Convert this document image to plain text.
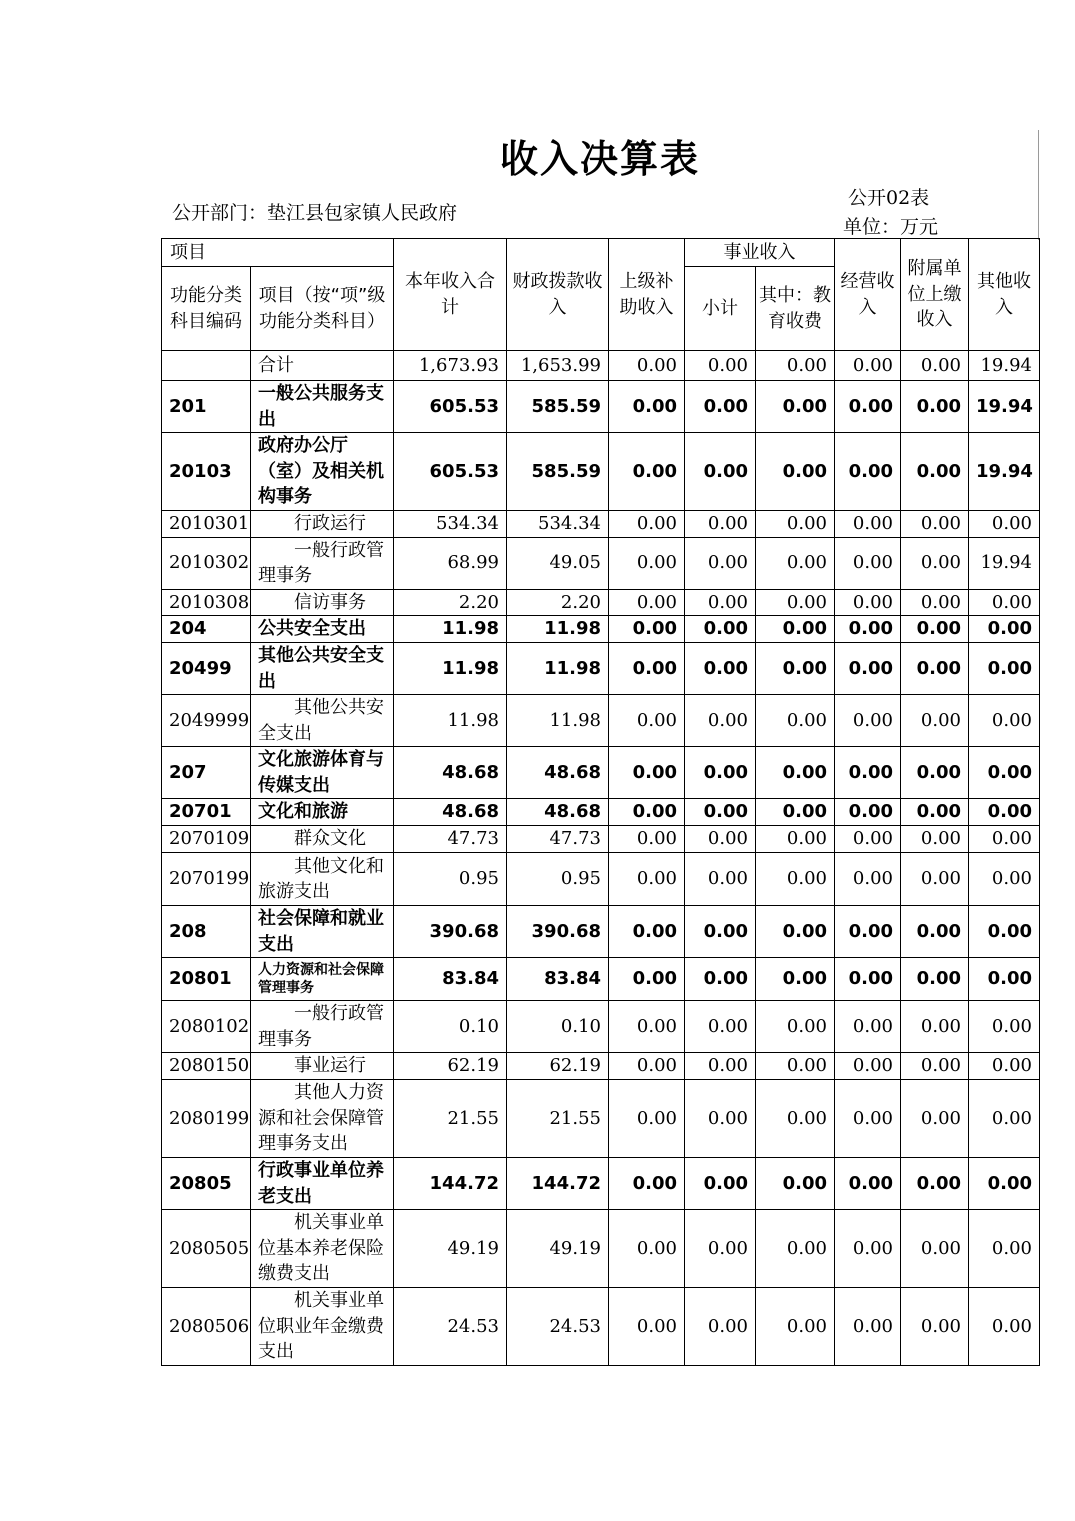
收入决算表
公开部门：垫江县包家镇人民政府
公开02表
单位：万元
项目		本年收入合计	财政拨款收入	上级补助收入	事业收入		经营收入	附属单位上缴收入	其他收入
功能分类科目编码	项目（按“项”级功能分类科目）				小计	其中：教育收费			
	合计	1,673.93	1,653.99	0.00	0.00	0.00	0.00	0.00	19.94
201	一般公共服务支出	605.53	585.59	0.00	0.00	0.00	0.00	0.00	19.94
20103	政府办公厅（室）及相关机构事务	605.53	585.59	0.00	0.00	0.00	0.00	0.00	19.94
2010301	行政运行	534.34	534.34	0.00	0.00	0.00	0.00	0.00	0.00
2010302	一般行政管理事务	68.99	49.05	0.00	0.00	0.00	0.00	0.00	19.94
2010308	信访事务	2.20	2.20	0.00	0.00	0.00	0.00	0.00	0.00
204	公共安全支出	11.98	11.98	0.00	0.00	0.00	0.00	0.00	0.00
20499	其他公共安全支出	11.98	11.98	0.00	0.00	0.00	0.00	0.00	0.00
2049999	其他公共安全支出	11.98	11.98	0.00	0.00	0.00	0.00	0.00	0.00
207	文化旅游体育与传媒支出	48.68	48.68	0.00	0.00	0.00	0.00	0.00	0.00
20701	文化和旅游	48.68	48.68	0.00	0.00	0.00	0.00	0.00	0.00
2070109	群众文化	47.73	47.73	0.00	0.00	0.00	0.00	0.00	0.00
2070199	其他文化和旅游支出	0.95	0.95	0.00	0.00	0.00	0.00	0.00	0.00
208	社会保障和就业支出	390.68	390.68	0.00	0.00	0.00	0.00	0.00	0.00
20801	人力资源和社会保障管理事务	83.84	83.84	0.00	0.00	0.00	0.00	0.00	0.00
2080102	一般行政管理事务	0.10	0.10	0.00	0.00	0.00	0.00	0.00	0.00
2080150	事业运行	62.19	62.19	0.00	0.00	0.00	0.00	0.00	0.00
2080199	其他人力资源和社会保障管理事务支出	21.55	21.55	0.00	0.00	0.00	0.00	0.00	0.00
20805	行政事业单位养老支出	144.72	144.72	0.00	0.00	0.00	0.00	0.00	0.00
2080505	机关事业单位基本养老保险缴费支出	49.19	49.19	0.00	0.00	0.00	0.00	0.00	0.00
2080506	机关事业单位职业年金缴费支出	24.53	24.53	0.00	0.00	0.00	0.00	0.00	0.00
